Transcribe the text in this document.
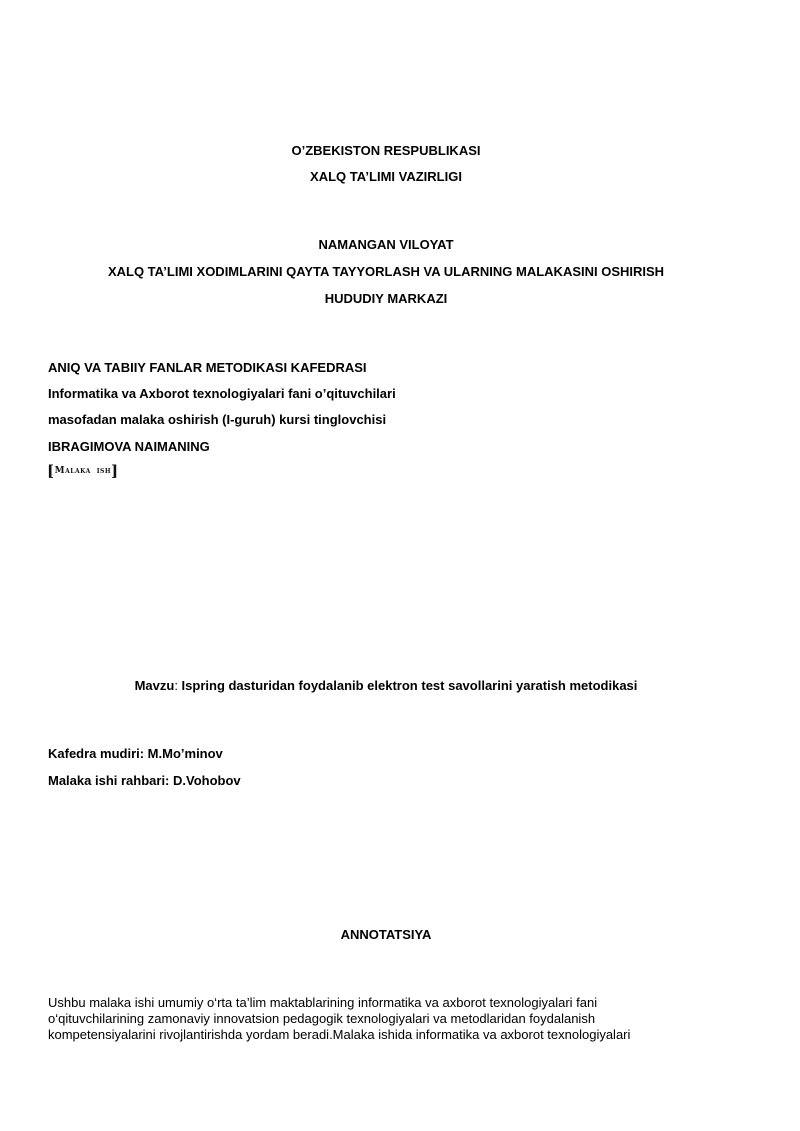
O’ZBEKISTON RESPUBLIKASI
XALQ TA’LIMI VAZIRLIGI
NAMANGAN VILOYAT
XALQ TA’LIMI XODIMLARINI QAYTA TAYYORLASH VA ULARNING MALAKASINI OSHIRISH
HUDUDIY MARKAZI
ANIQ VA TABIIY FANLAR METODIKASI KAFEDRASI
Informatika va Axborot texnologiyalari fani o’qituvchilari
masofadan malaka oshirish (I-guruh) kursi tinglovchisi
IBRAGIMOVA NAIMANING
[ Malaka ish ]
Mavzu: Ispring dasturidan foydalanib elektron test savollarini yaratish metodikasi
Kafedra mudiri: M.Mo’minov
Malaka ishi rahbari: D.Vohobov
ANNOTATSIYA
Ushbu malaka ishi umumiy o‘rta ta’lim maktablarining informatika va axborot texnologiyalari fani
o‘qituvchilarining zamonaviy innovatsion pedagogik texnologiyalari va metodlaridan foydalanish
kompetensiyalarini rivojlantirishda yordam beradi.Malaka ishida informatika va axborot texnologiyalari
